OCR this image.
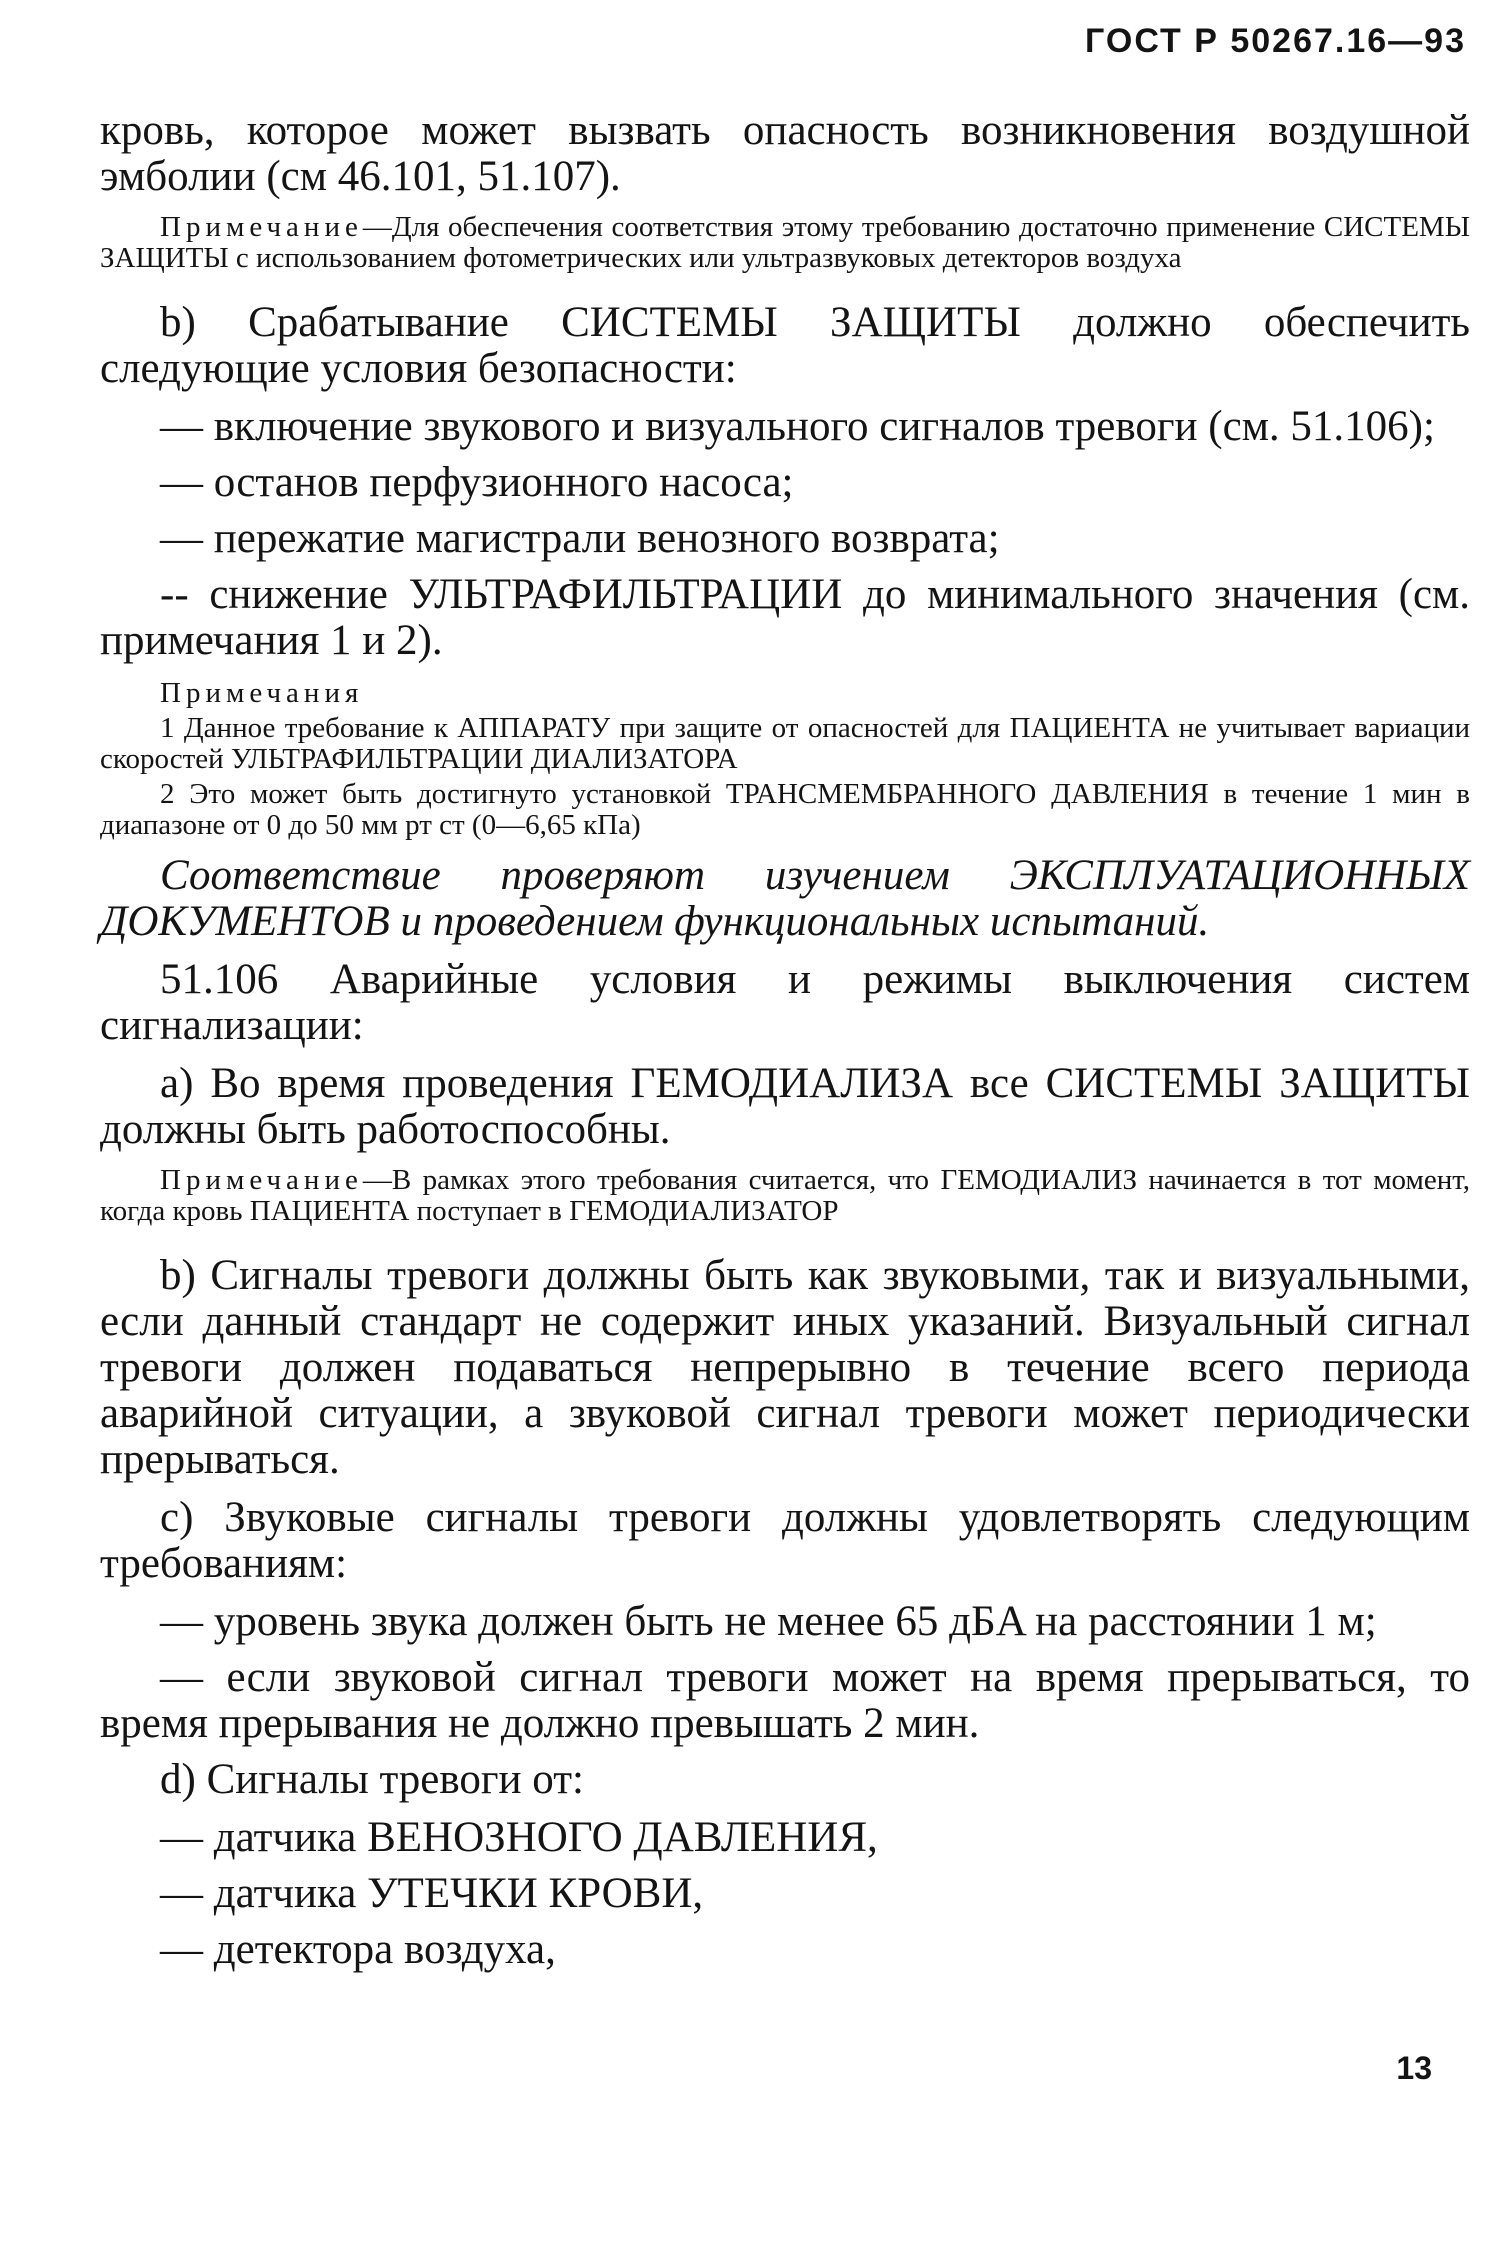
ГОСТ Р 50267.16—93

кровь, которое может вызвать опасность возникновения воздушной эмболии (см 46.101, 51.107).

Примечание—Для обеспечения соответствия этому требованию достаточно применение СИСТЕМЫ ЗАЩИТЫ с использованием фотометрических или ультразвуковых детекторов воздуха

b) Срабатывание СИСТЕМЫ ЗАЩИТЫ должно обеспечить следующие условия безопасности:

— включение звукового и визуального сигналов тревоги (см. 51.106);

— останов перфузионного насоса;

— пережатие магистрали венозного возврата;

-- снижение УЛЬТРАФИЛЬТРАЦИИ до минимального значения (см. примечания 1 и 2).

Примечания

1 Данное требование к АППАРАТУ при защите от опасностей для ПАЦИЕНТА не учитывает вариации скоростей УЛЬТРАФИЛЬТРАЦИИ ДИАЛИЗАТОРА

2 Это может быть достигнуто установкой ТРАНСМЕМБРАННОГО ДАВЛЕНИЯ в течение 1 мин в диапазоне от 0 до 50 мм рт ст (0—6,65 кПа)

Соответствие проверяют изучением ЭКСПЛУАТАЦИОННЫХ ДОКУМЕНТОВ и проведением функциональных испытаний.

51.106 Аварийные условия и режимы выключения систем сигнализации:

a) Во время проведения ГЕМОДИАЛИЗА все СИСТЕМЫ ЗАЩИТЫ должны быть работоспособны.

Примечание—В рамках этого требования считается, что ГЕМОДИАЛИЗ начинается в тот момент, когда кровь ПАЦИЕНТА поступает в ГЕМОДИАЛИЗАТОР

b) Сигналы тревоги должны быть как звуковыми, так и визуальными, если данный стандарт не содержит иных указаний. Визуальный сигнал тревоги должен подаваться непрерывно в течение всего периода аварийной ситуации, а звуковой сигнал тревоги может периодически прерываться.

c) Звуковые сигналы тревоги должны удовлетворять следующим требованиям:

— уровень звука должен быть не менее 65 дБA на расстоянии 1 м;

— если звуковой сигнал тревоги может на время прерываться, то время прерывания не должно превышать 2 мин.

d) Сигналы тревоги от:

— датчика ВЕНОЗНОГО ДАВЛЕНИЯ,

— датчика УТЕЧКИ КРОВИ,

— детектора воздуха,

13
